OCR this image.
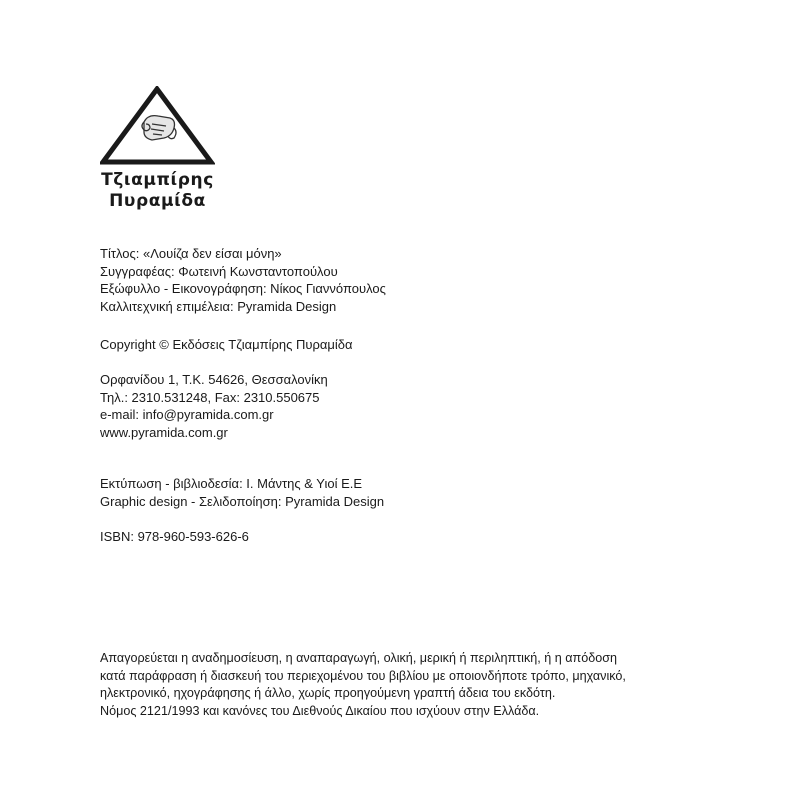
Τζιαμπίρης
Πυραμίδα
Τίτλος: «Λουίζα δεν είσαι μόνη»
Συγγραφέας: Φωτεινή Κωνσταντοπούλου
Εξώφυλλο - Εικονογράφηση: Νίκος Γιαννόπουλος
Καλλιτεχνική επιμέλεια: Pyramida Design
Copyright © Εκδόσεις Τζιαμπίρης Πυραμίδα
Ορφανίδου 1, Τ.Κ. 54626, Θεσσαλονίκη
Τηλ.: 2310.531248, Fax: 2310.550675
e-mail: info@pyramida.com.gr
www.pyramida.com.gr
Εκτύπωση - βιβλιοδεσία: Ι. Μάντης & Υιοί Ε.Ε
Graphic design - Σελιδοποίηση: Pyramida Design
ISBN: 978-960-593-626-6
Απαγορεύεται η αναδημοσίευση, η αναπαραγωγή, ολική, μερική ή περιληπτική, ή η απόδοση
κατά παράφραση ή διασκευή του περιεχομένου του βιβλίου με οποιονδήποτε τρόπο, μηχανικό,
ηλεκτρονικό, ηχογράφησης ή άλλο, χωρίς προηγούμενη γραπτή άδεια του εκδότη.
Νόμος 2121/1993 και κανόνες του Διεθνούς Δικαίου που ισχύουν στην Ελλάδα.
